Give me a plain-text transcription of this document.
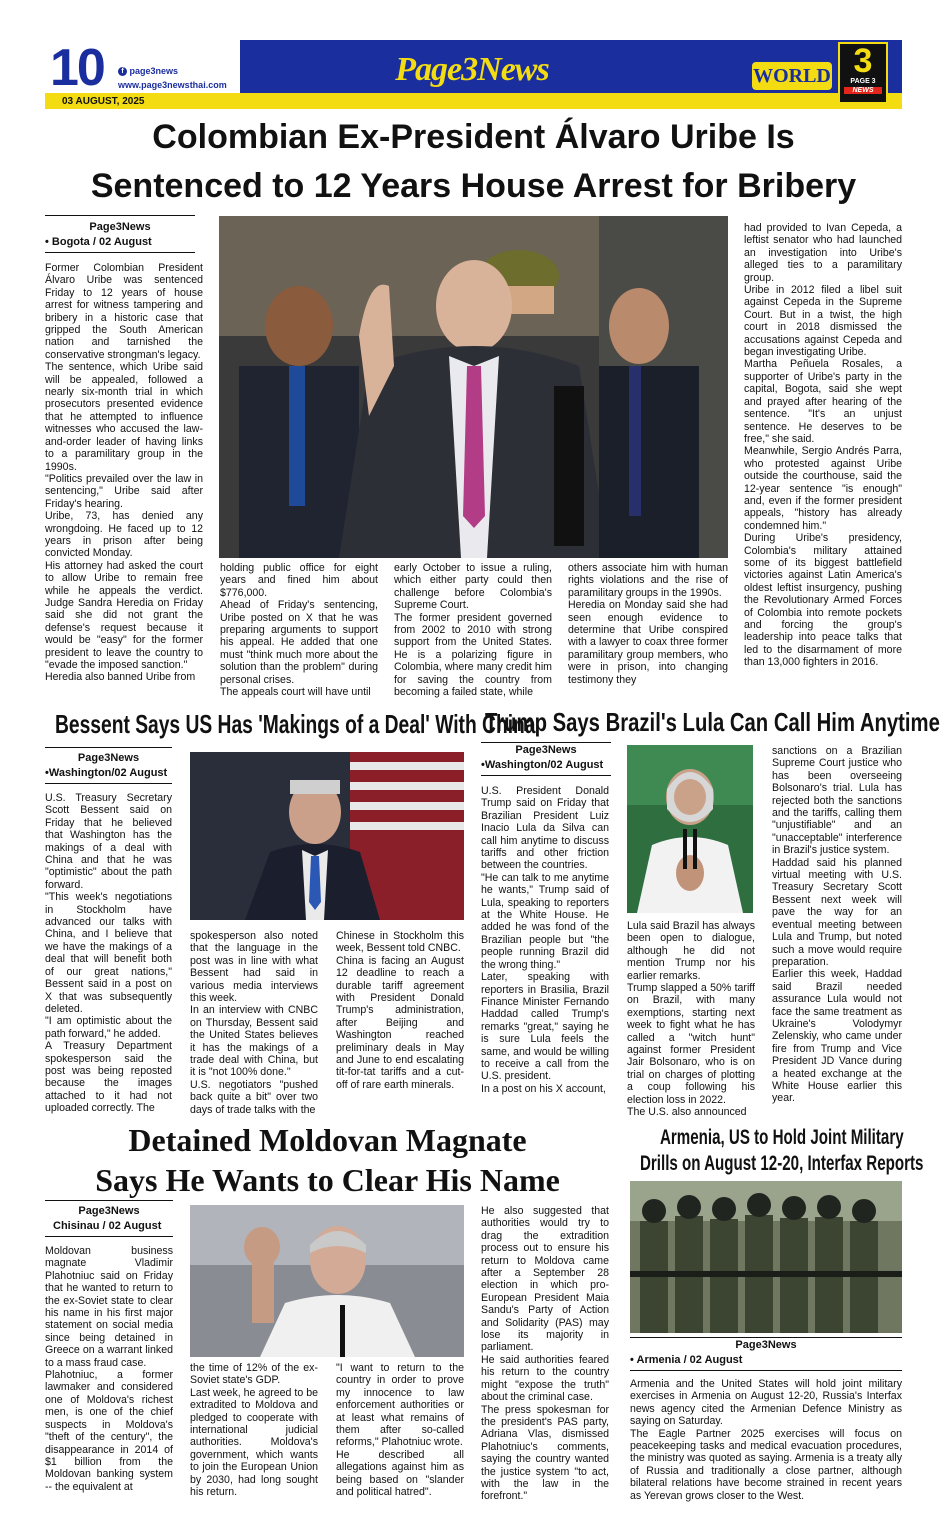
10	f page3news
www.page3newsthai.com
03 AUGUST, 2025
Page3News	WORLD 3
PAGE 3
NEWS
Colombian Ex-President Álvaro Uribe Is
Sentenced to 12 Years House Arrest for Bribery
Page3News
• Bogota / 02 August
Former Colombian President Álvaro Uribe was sentenced Friday to 12 years of house arrest for witness tampering and bribery in a historic case that gripped the South American nation and tarnished the conservative strongman's legacy.
The sentence, which Uribe said will be appealed, followed a nearly six-month trial in which prosecutors presented evidence that he attempted to influence witnesses who accused the law-and-order leader of having links to a paramilitary group in the 1990s.
"Politics prevailed over the law in sentencing," Uribe said after Friday's hearing.
Uribe, 73, has denied any wrongdoing. He faced up to 12 years in prison after being convicted Monday.
His attorney had asked the court to allow Uribe to remain free while he appeals the verdict. Judge Sandra Heredia on Friday said she did not grant the defense's request because it would be "easy" for the former president to leave the country to "evade the imposed sanction."
Heredia also banned Uribe from
holding public office for eight years and fined him about $776,000.
Ahead of Friday's sentencing, Uribe posted on X that he was preparing arguments to support his appeal. He added that one must "think much more about the solution than the problem" during personal crises.
The appeals court will have until
early October to issue a ruling, which either party could then challenge before Colombia's Supreme Court.
The former president governed from 2002 to 2010 with strong support from the United States. He is a polarizing figure in Colombia, where many credit him for saving the country from becoming a failed state, while
others associate him with human rights violations and the rise of paramilitary groups in the 1990s.
Heredia on Monday said she had seen enough evidence to determine that Uribe conspired with a lawyer to coax three former paramilitary group members, who were in prison, into changing testimony they
had provided to Ivan Cepeda, a leftist senator who had launched an investigation into Uribe's alleged ties to a paramilitary group.
Uribe in 2012 filed a libel suit against Cepeda in the Supreme Court. But in a twist, the high court in 2018 dismissed the accusations against Cepeda and began investigating Uribe.
Martha Peñuela Rosales, a supporter of Uribe's party in the capital, Bogota, said she wept and prayed after hearing of the sentence. "It's an unjust sentence. He deserves to be free," she said.
Meanwhile, Sergio Andrés Parra, who protested against Uribe outside the courthouse, said the 12-year sentence "is enough" and, even if the former president appeals, "history has already condemned him."
During Uribe's presidency, Colombia's military attained some of its biggest battlefield victories against Latin America's oldest leftist insurgency, pushing the Revolutionary Armed Forces of Colombia into remote pockets and forcing the group's leadership into peace talks that led to the disarmament of more than 13,000 fighters in 2016.
Bessent Says US Has 'Makings of a Deal' With China
Page3News
•Washington/02 August
U.S. Treasury Secretary Scott Bessent said on Friday that he believed that Washington has the makings of a deal with China and that he was "optimistic" about the path forward.
"This week's negotiations in Stockholm have advanced our talks with China, and I believe that we have the makings of a deal that will benefit both of our great nations," Bessent said in a post on X that was subsequently deleted.
"I am optimistic about the path forward," he added.
A Treasury Department spokesperson said the post was being reposted because the images attached to it had not uploaded correctly. The
spokesperson also noted that the language in the post was in line with what Bessent had said in various media interviews this week.
In an interview with CNBC on Thursday, Bessent said the United States believes it has the makings of a trade deal with China, but it is "not 100% done."
U.S. negotiators "pushed back quite a bit" over two days of trade talks with the
Chinese in Stockholm this week, Bessent told CNBC.
China is facing an August 12 deadline to reach a durable tariff agreement with President Donald Trump's administration, after Beijing and Washington reached preliminary deals in May and June to end escalating tit-for-tat tariffs and a cut-off of rare earth minerals.
Trump Says Brazil's Lula Can Call Him Anytime
Page3News
•Washington/02 August
U.S. President Donald Trump said on Friday that Brazilian President Luiz Inacio Lula da Silva can call him anytime to discuss tariffs and other friction between the countries.
"He can talk to me anytime he wants," Trump said of Lula, speaking to reporters at the White House. He added he was fond of the Brazilian people but "the people running Brazil did the wrong thing."
Later, speaking with reporters in Brasilia, Brazil Finance Minister Fernando Haddad called Trump's remarks "great," saying he is sure Lula feels the same, and would be willing to receive a call from the U.S. president.
In a post on his X account,
Lula said Brazil has always been open to dialogue, although he did not mention Trump nor his earlier remarks.
Trump slapped a 50% tariff on Brazil, with many exemptions, starting next week to fight what he has called a "witch hunt" against former President Jair Bolsonaro, who is on trial on charges of plotting a coup following his election loss in 2022.
The U.S. also announced
sanctions on a Brazilian Supreme Court justice who has been overseeing Bolsonaro's trial. Lula has rejected both the sanctions and the tariffs, calling them "unjustifiable" and an "unacceptable" interference in Brazil's justice system.
Haddad said his planned virtual meeting with U.S. Treasury Secretary Scott Bessent next week will pave the way for an eventual meeting between Lula and Trump, but noted such a move would require preparation.
Earlier this week, Haddad said Brazil needed assurance Lula would not face the same treatment as Ukraine's Volodymyr Zelenskiy, who came under fire from Trump and Vice President JD Vance during a heated exchange at the White House earlier this year.
Detained Moldovan Magnate
Says He Wants to Clear His Name
Page3News
Chisinau / 02 August
Moldovan business magnate Vladimir Plahotniuc said on Friday that he wanted to return to the ex-Soviet state to clear his name in his first major statement on social media since being detained in Greece on a warrant linked to a mass fraud case.
Plahotniuc, a former lawmaker and considered one of Moldova's richest men, is one of the chief suspects in Moldova's "theft of the century", the disappearance in 2014 of $1 billion from the Moldovan banking system -- the equivalent at
the time of 12% of the ex-Soviet state's GDP.
Last week, he agreed to be extradited to Moldova and pledged to cooperate with international judicial authorities. Moldova's government, which wants to join the European Union by 2030, had long sought his return.
"I want to return to the country in order to prove my innocence to law enforcement authorities or at least what remains of them after so-called reforms," Plahotniuc wrote.
He described all allegations against him as being based on "slander and political hatred".
He also suggested that authorities would try to drag the extradition process out to ensure his return to Moldova came after a September 28 election in which pro-European President Maia Sandu's Party of Action and Solidarity (PAS) may lose its majority in parliament.
He said authorities feared his return to the country might "expose the truth" about the criminal case.
The press spokesman for the president's PAS party, Adriana Vlas, dismissed Plahotniuc's comments, saying the country wanted the justice system "to act, with the law in the forefront."
Armenia, US to Hold Joint Military
Drills on August 12-20, Interfax Reports
Page3News
• Armenia / 02 August
Armenia and the United States will hold joint military exercises in Armenia on August 12-20, Russia's Interfax news agency cited the Armenian Defence Ministry as saying on Saturday.
The Eagle Partner 2025 exercises will focus on peacekeeping tasks and medical evacuation procedures, the ministry was quoted as saying. Armenia is a treaty ally of Russia and traditionally a close partner, although bilateral relations have become strained in recent years as Yerevan grows closer to the West.
